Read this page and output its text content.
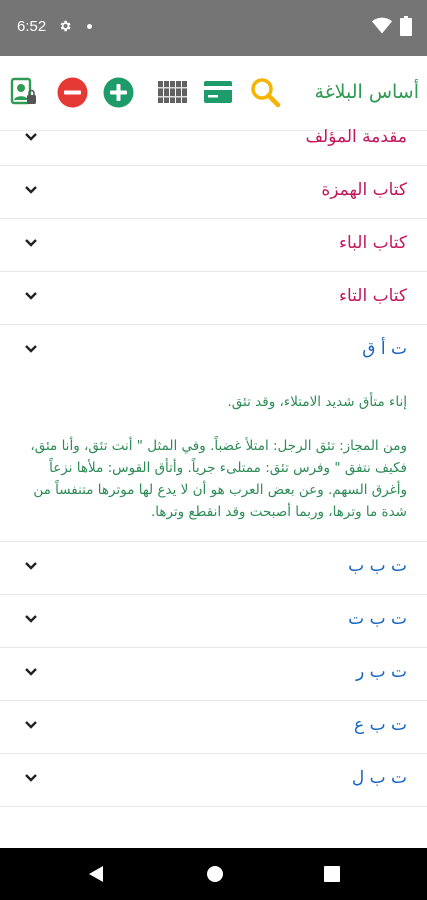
6:52
أساس البلاغة
مقدمة المؤلف
كتاب الهمزة
كتاب الباء
كتاب التاء
ت أ ق

إناء متأق شديد الامتلاء، وقد تئق.

ومن المجاز: تئق الرجل: امتلأ غضباً. وفي المثل " أنت تئق، وأنا مئق، فكيف نتفق " وفرس تئق: ممتلىء جرياً. وأتأق القوس: ملأها نزعاً وأغرق السهم. وعن بعض العرب هو أن لا يدع لها موترها متنفساً من شدة ما وترها، وربما أصبحت وقد انقطع وترها.

ت ب ب
ت ب ت
ت ب ر
ت ب ع
ت ب ل
